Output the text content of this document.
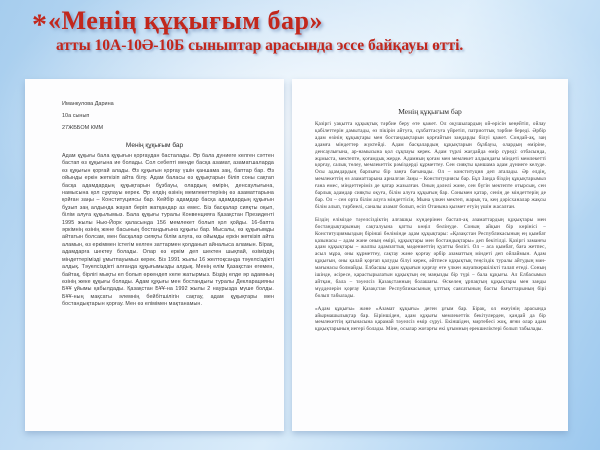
* «Менің құқығым бар»
атты 10А-10Ә-10Б сыныптар арасында эссе байқауы өтті.
Иманкулова Дарина
10а сынып
27ЖББОМ КММ
Менің құқығым бар

Адам құқығы бала құқығын қорғаудан басталады. Әр бала дүниеге келген сәттен бастап өз құқығына ие болады. Сол себепті менде басқа азамат, азаматшаларда өз құқығын қорғай алады. Өз құқығын қорғау үшін қаншама заң, баптар бар. Өз ойынды еркін жеткізіп айта білу. Адам баласы өз құқықтарын біліп соны сақтап басқа адамдардың құқықтарын бұзбауы, олардың өмірін, денсаулығына, намысына қол сұқпауы керек. Әр елдің өзінің мемлекеттерінің өз азаматтарына қойған заңы – Конституциясы бар. Кейбір адамдар басқа адамдардың құқығын бұзып заң алдында жауап беріп жатқандар аз емес. Біз басқалар сияқты оқып, білім алуға құқылымыз. Бала құқығы туралы Конвенцияға Қазақстан Президенті 1995 жылы Нью-Йорк қаласында 156 мемлекет болып қол қойды. 16-бапта әркімнің өзінің және басының бостандығына құқығы бар. Мысалы, өз құқығымды айтатын болсам, мен басқалар сияқты білім алуға, өз ойымды еркін жеткізіп айта аламын, өз еркіммен істегім келген заттармен қолданып айналыса аламын. Бірақ, адамдарға шектеу болады. Олар өз еркім деп шектен шықпай, өзіміздің міндеттерімізді ұмытпауымыз керек. Біз 1991 жылы 16 желтоқсанда тәуелсіздікті алдық. Тәуелсіздікті алғанда құқығымызды алдық. Менің елім Қазақстан егемен, байтақ, бірлігі мықты ел болып өркендеп келе жатырмыз. Біздің елде әр адамның өзінің жеке құқығы болады. Адам құқығы мен бостандығы туралы Декларацияны БҰҰ ұйымы қабылдады. Қазақстан БҰҰ-на 1992 жылы 2 наурызда мүше болды. БҰҰ-ның мақсаты әлемнің бейбітшілігін сақтау, адам құқықтары мен бостандықтарын қорғау. Мен өз елімімен мақтанамын.

Менің құқығым бар

Қазіргі уақытта құқықтық тәрбие беру өте қажет. Ол оқушылардың ой-өрісін кеңейтіп, ойлау қабілеттерін дамытады, өз пікірін айтуға, сұхбаттасуға үйретіп, патриоттық тәрбие береді. Әрбір адам өзінің құқықтары мен бостандықтарын қорғайтын заңдарды білуі қажет. Сондай-ақ, заң адамға міндеттер жүктейді. Адам басқалардың құқықтарын бұзбауы, олардың өміріне, денсаулығына, ар-намысына қол сұқпауы керек. Адам түрлі жағдайда өмір сүреді: отбасында, жұмыста, мектепте, қоғамдық жерде. Адамның қоғам мен мемлекет алдындағы міндеті мемлекетті қорғау, салық төлеу, мемлекеттік рәміздерді құрметтеу. Сен сияқты қаншама адам дүниеге келуде. Осы адамдардың барлығы бір заңға бағынады. Ол – конституция деп аталады. Әр елдің, мемлекеттің өз азаматтарына арналған Заңы – Конституциясы бар. Бұл Заңда біздің құқықтарымыз ғана емес, міндеттеріміз де қатар жазылған. Оның дәлелі және, сен бүгін мектепте отырсың, сен барлық адамдар сияқты оқуға, білім алуға құқығың бар. Сонымен қатар, сенің де міндеттерің де бар. Ол – сен орта білім алуға міндеттісің. Мына үлкен мектеп, жарық та, кең дәрісханалар жақсы білім алып, тәрбиелі, саналы азамат болып, өсіп Отанына қызмет етуің үшін жасалған.

Біздің елімізде тәуелсіздіктің алғашқы күндерінен бастап-ақ азаматтардың құқықтары мен бостандықтарының сақталуына қатты көңіл бөлінуде. Соның айқын бір көрінісі – Конституциямыздың бірінші бөлімінде адам құқықтары: «Қазақстан Республикасының ең қымбат қазынасы – адам және оның өмірі, құқықтары мен бостандықтары» деп бекітілді. Қазіргі заманғы адам құқықтары – жалпы адамзаттық мәдениеттің қуатты бөлігі. Ол – аса қымбат, баға жетпес, асыл мұра, оны құрметтеу, сақтау және қорғау әрбір азаматтың міндеті деп ойлаймын. Адам құқығын, оны қалай қорғап қалуды білуі керек, әйтпесе құқықтық теңсіздік туралы айтудың мән-мағынасы болмайды. Елбасшы адам құқығын қорғау өте үлкен жауапкершілікті талап етеді. Соның ішінде, әсіресе, қарастырылатын құқықтың ең маңызды бір түрі – бала құқығы. Ал Елбасымыз айтқан, бала – тәуелсіз Қазақстанның болашағы. Өскелең ұрпақтың құқықтары мен заңды мүдделерін қорғау Қазақстан Республикасының ұлттық саясатының басты бағыттарының бірі болып табылады.

«Адам құқығы» және «Азамат құқығы» деген ұғым бар. Бірақ, ол екеуінің арасында айырмашылықтар бар. Біріншіден, адам құқығы мемлекеттік бекітулерден, қандай да бір мемлекеттің қатынасына қарамай тәуелсіз өмір сүруі. Екіншіден, мәртебесі жоқ, яғни олар адам құқықтарының иегері болады. Міне, осылар жоғарғы екі ұғымның ерекшеліктері болып табылады.
